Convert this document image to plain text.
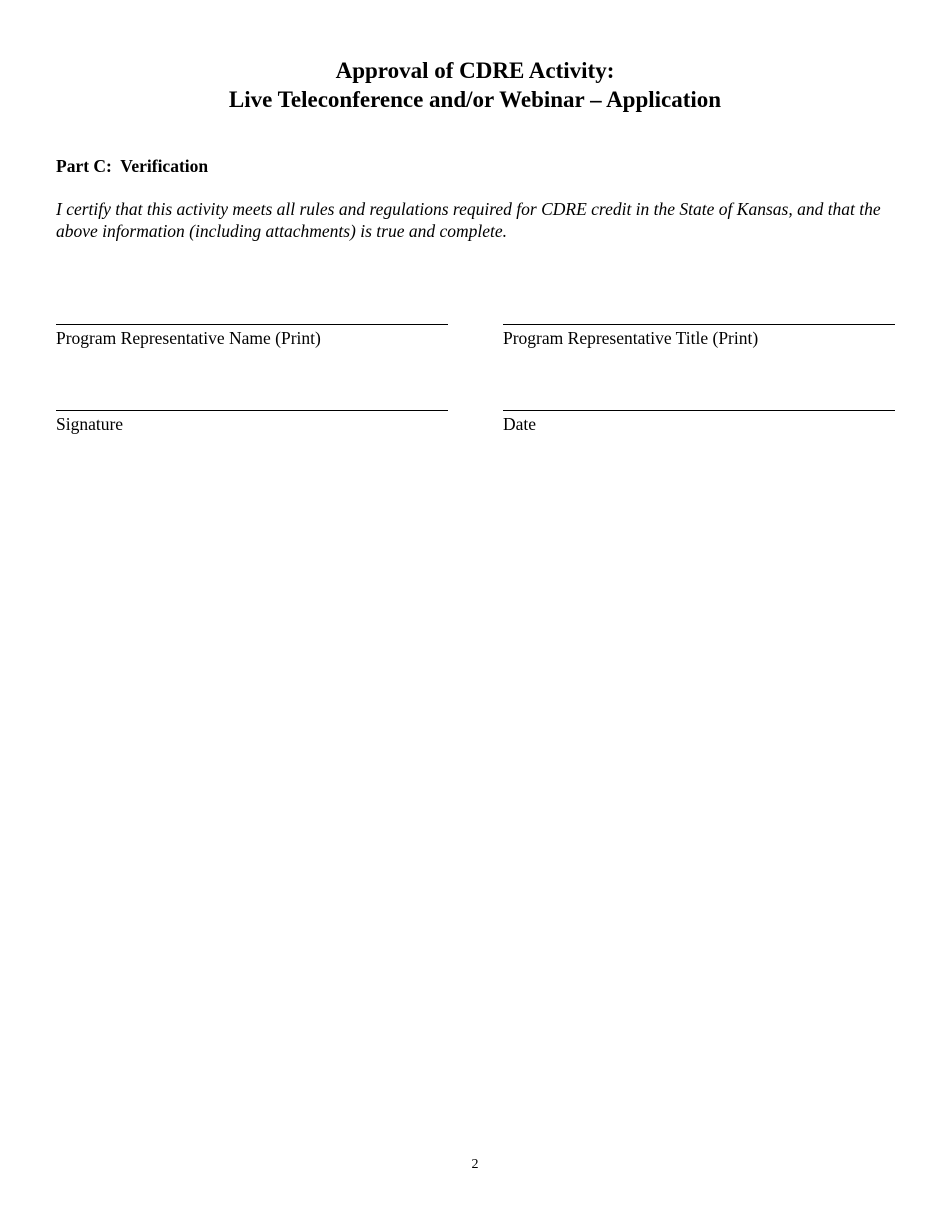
Approval of CDRE Activity:
Live Teleconference and/or Webinar – Application
Part C:  Verification
I certify that this activity meets all rules and regulations required for CDRE credit in the State of Kansas, and that the above information (including attachments) is true and complete.
Program Representative Name (Print)	Program Representative Title (Print)
Signature	Date
2
